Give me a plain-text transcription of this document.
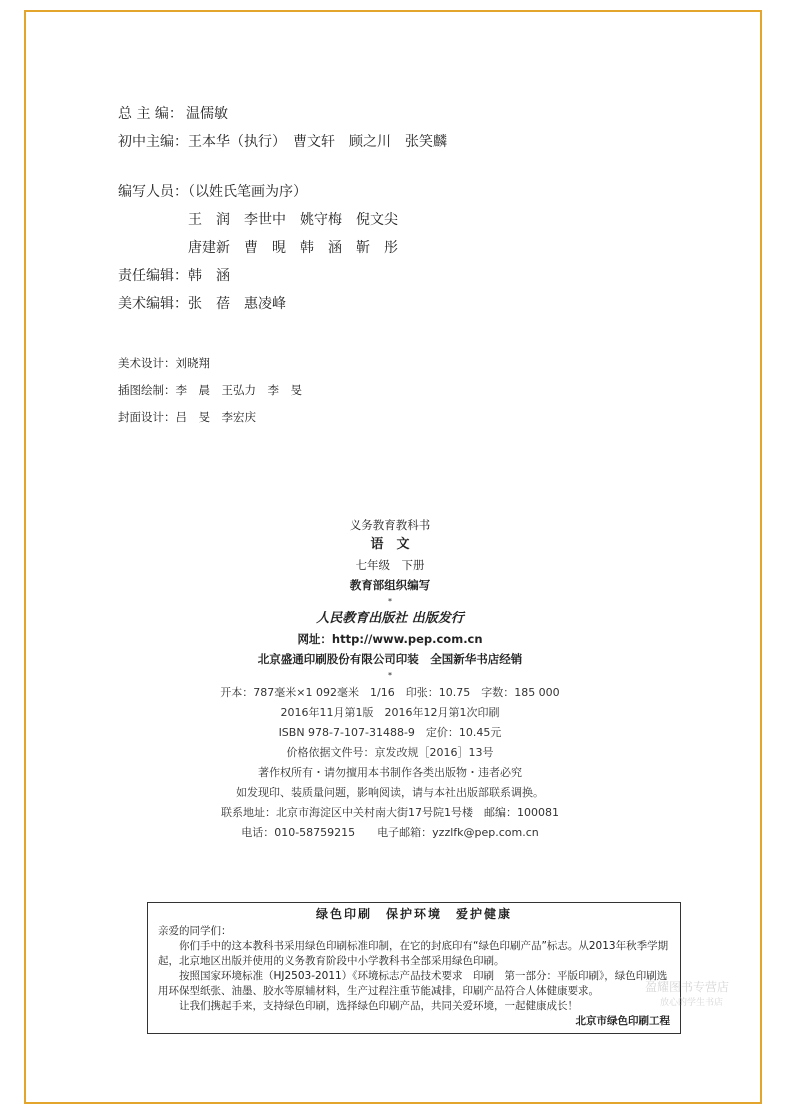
总 主 编： 温儒敏
初中主编： 王本华（执行）　曹文轩　顾之川　张笑麟
编写人员：（以姓氏笔画为序）
王　润　李世中　姚守梅　倪文尖
唐建新　曹　晛　韩　涵　靳　彤
责任编辑： 韩　涵
美术编辑： 张　蓓　惠凌峰
美术设计：刘晓翔
插图绘制：李　晨　王弘力　李　旻
封面设计：吕　旻　李宏庆
义务教育教科书
语　文
七年级　下册
教育部组织编写
*
人民教育出版社 出版发行
网址：http://www.pep.com.cn
北京盛通印刷股份有限公司印装　全国新华书店经销
*
开本：787毫米×1 092毫米　1/16　印张：10.75　字数：185 000
2016年11月第1版　2016年12月第1次印刷
ISBN 978-7-107-31488-9　定价：10.45元
价格依据文件号：京发改规［2016］13号
著作权所有・请勿擅用本书制作各类出版物・违者必究
如发现印、装质量问题，影响阅读，请与本社出版部联系调换。
联系地址：北京市海淀区中关村南大街17号院1号楼　邮编：100081
电话：010-58759215　　电子邮箱：yzzlfk@pep.com.cn
绿色印刷　保护环境　爱护健康

亲爱的同学们：

你们手中的这本教科书采用绿色印刷标准印制，在它的封底印有“绿色印刷产品”标志。从2013年秋季学期起，北京地区出版并使用的义务教育阶段中小学教科书全部采用绿色印刷。

按照国家环境标准（HJ2503-2011）《环境标志产品技术要求　印刷　第一部分：平版印刷》，绿色印刷选用环保型纸张、油墨、胶水等原辅材料，生产过程注重节能减排，印刷产品符合人体健康要求。

让我们携起手来，支持绿色印刷，选择绿色印刷产品，共同关爱环境，一起健康成长！

北京市绿色印刷工程
盈耀图书专营店
放心的学生书店
